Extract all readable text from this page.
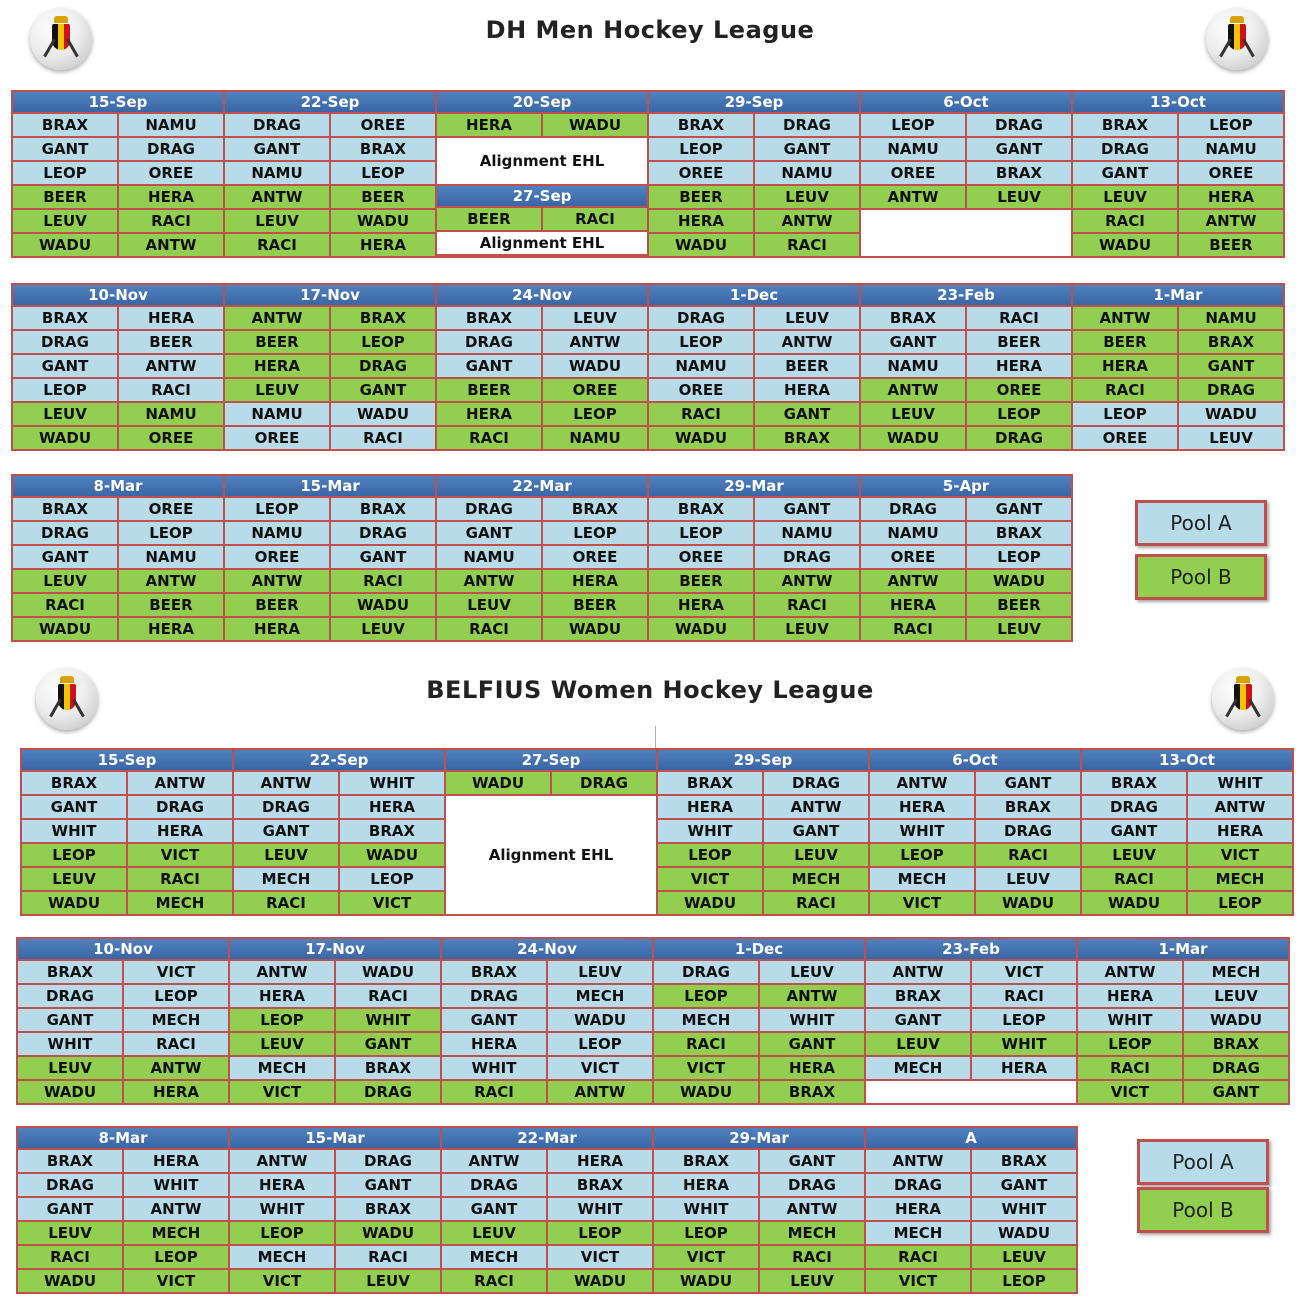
DH Men Hockey League
15-Sep
BRAX	NAMU
GANT	DRAG
LEOP	OREE
BEER	HERA
LEUV	RACI
WADU	ANTW
22-Sep
DRAG	OREE
GANT	BRAX
NAMU	LEOP
ANTW	BEER
LEUV	WADU
RACI	HERA
20-Sep
HERA	WADU
Alignment EHL
27-Sep
BEER	RACI
Alignment EHL
29-Sep
BRAX	DRAG
LEOP	GANT
OREE	NAMU
BEER	LEUV
HERA	ANTW
WADU	RACI
6-Oct
LEOP	DRAG
NAMU	GANT
OREE	BRAX
ANTW	LEUV
13-Oct
BRAX	LEOP
DRAG	NAMU
GANT	OREE
LEUV	HERA
RACI	ANTW
WADU	BEER
10-Nov
BRAX	HERA
DRAG	BEER
GANT	ANTW
LEOP	RACI
LEUV	NAMU
WADU	OREE
17-Nov
ANTW	BRAX
BEER	LEOP
HERA	DRAG
LEUV	GANT
NAMU	WADU
OREE	RACI
24-Nov
BRAX	LEUV
DRAG	ANTW
GANT	WADU
BEER	OREE
HERA	LEOP
RACI	NAMU
1-Dec
DRAG	LEUV
LEOP	ANTW
NAMU	BEER
OREE	HERA
RACI	GANT
WADU	BRAX
23-Feb
BRAX	RACI
GANT	BEER
NAMU	HERA
ANTW	OREE
LEUV	LEOP
WADU	DRAG
1-Mar
ANTW	NAMU
BEER	BRAX
HERA	GANT
RACI	DRAG
LEOP	WADU
OREE	LEUV
8-Mar
BRAX	OREE
DRAG	LEOP
GANT	NAMU
LEUV	ANTW
RACI	BEER
WADU	HERA
15-Mar
LEOP	BRAX
NAMU	DRAG
OREE	GANT
ANTW	RACI
BEER	WADU
HERA	LEUV
22-Mar
DRAG	BRAX
GANT	LEOP
NAMU	OREE
ANTW	HERA
LEUV	BEER
RACI	WADU
29-Mar
BRAX	GANT
LEOP	NAMU
OREE	DRAG
BEER	ANTW
HERA	RACI
WADU	LEUV
5-Apr
DRAG	GANT
NAMU	BRAX
OREE	LEOP
ANTW	WADU
HERA	BEER
RACI	LEUV
Pool A
Pool B
BELFIUS Women Hockey League
15-Sep
BRAX	ANTW
GANT	DRAG
WHIT	HERA
LEOP	VICT
LEUV	RACI
WADU	MECH
22-Sep
ANTW	WHIT
DRAG	HERA
GANT	BRAX
LEUV	WADU
MECH	LEOP
RACI	VICT
27-Sep
WADU	DRAG
Alignment EHL
29-Sep
BRAX	DRAG
HERA	ANTW
WHIT	GANT
LEOP	LEUV
VICT	MECH
WADU	RACI
6-Oct
ANTW	GANT
HERA	BRAX
WHIT	DRAG
LEOP	RACI
MECH	LEUV
VICT	WADU
13-Oct
BRAX	WHIT
DRAG	ANTW
GANT	HERA
LEUV	VICT
RACI	MECH
WADU	LEOP
10-Nov
BRAX	VICT
DRAG	LEOP
GANT	MECH
WHIT	RACI
LEUV	ANTW
WADU	HERA
17-Nov
ANTW	WADU
HERA	RACI
LEOP	WHIT
LEUV	GANT
MECH	BRAX
VICT	DRAG
24-Nov
BRAX	LEUV
DRAG	MECH
GANT	WADU
HERA	LEOP
WHIT	VICT
RACI	ANTW
1-Dec
DRAG	LEUV
LEOP	ANTW
MECH	WHIT
RACI	GANT
VICT	HERA
WADU	BRAX
23-Feb
ANTW	VICT
BRAX	RACI
GANT	LEOP
LEUV	WHIT
MECH	HERA
1-Mar
ANTW	MECH
HERA	LEUV
WHIT	WADU
LEOP	BRAX
RACI	DRAG
VICT	GANT
8-Mar
BRAX	HERA
DRAG	WHIT
GANT	ANTW
LEUV	MECH
RACI	LEOP
WADU	VICT
15-Mar
ANTW	DRAG
HERA	GANT
WHIT	BRAX
LEOP	WADU
MECH	RACI
VICT	LEUV
22-Mar
ANTW	HERA
DRAG	BRAX
GANT	WHIT
LEUV	LEOP
MECH	VICT
RACI	WADU
29-Mar
BRAX	GANT
HERA	DRAG
WHIT	ANTW
LEOP	MECH
VICT	RACI
WADU	LEUV
A
ANTW	BRAX
DRAG	GANT
HERA	WHIT
MECH	WADU
RACI	LEUV
VICT	LEOP
Pool A
Pool B
